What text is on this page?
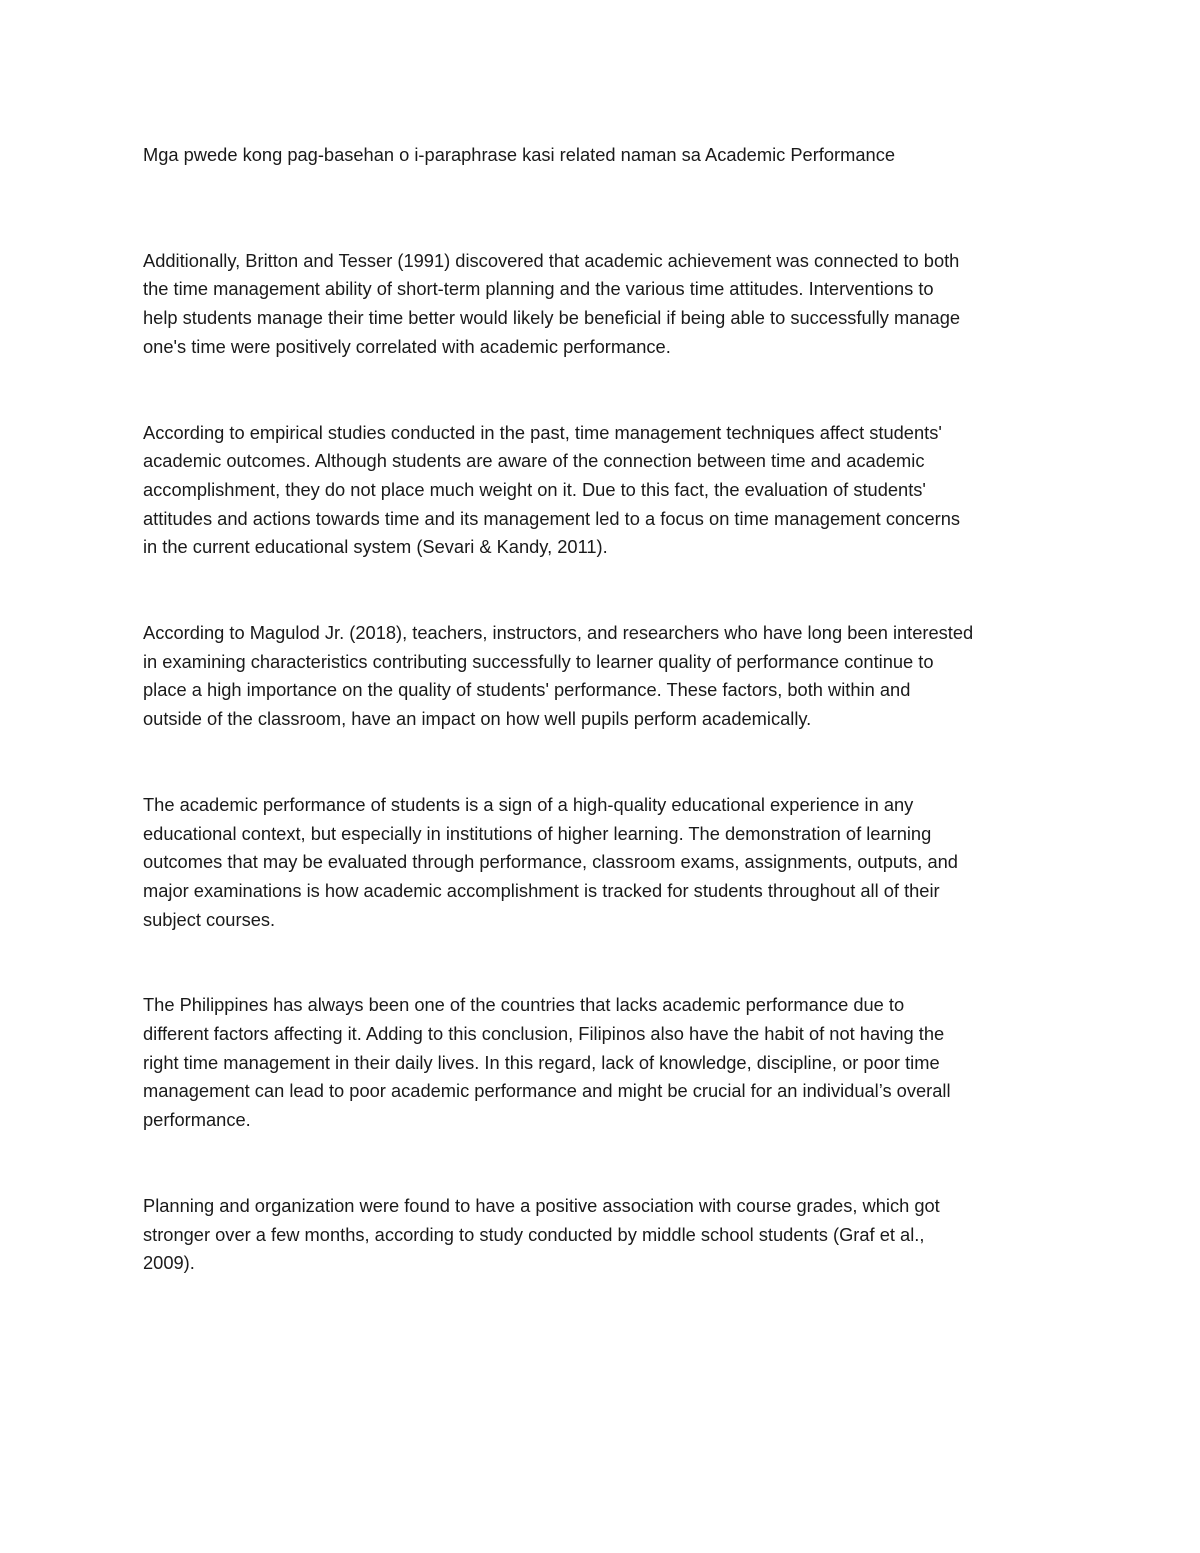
Mga pwede kong pag-basehan o i-paraphrase kasi related naman sa Academic Performance

Additionally, Britton and Tesser (1991) discovered that academic achievement was connected to both
the time management ability of short-term planning and the various time attitudes. Interventions to
help students manage their time better would likely be beneficial if being able to successfully manage
one's time were positively correlated with academic performance.

According to empirical studies conducted in the past, time management techniques affect students'
academic outcomes. Although students are aware of the connection between time and academic
accomplishment, they do not place much weight on it. Due to this fact, the evaluation of students'
attitudes and actions towards time and its management led to a focus on time management concerns
in the current educational system (Sevari & Kandy, 2011).

According to Magulod Jr. (2018), teachers, instructors, and researchers who have long been interested
in examining characteristics contributing successfully to learner quality of performance continue to
place a high importance on the quality of students' performance. These factors, both within and
outside of the classroom, have an impact on how well pupils perform academically.

The academic performance of students is a sign of a high-quality educational experience in any
educational context, but especially in institutions of higher learning. The demonstration of learning
outcomes that may be evaluated through performance, classroom exams, assignments, outputs, and
major examinations is how academic accomplishment is tracked for students throughout all of their
subject courses.

The Philippines has always been one of the countries that lacks academic performance due to
different factors affecting it. Adding to this conclusion, Filipinos also have the habit of not having the
right time management in their daily lives. In this regard, lack of knowledge, discipline, or poor time
management can lead to poor academic performance and might be crucial for an individual’s overall
performance.

Planning and organization were found to have a positive association with course grades, which got
stronger over a few months, according to study conducted by middle school students (Graf et al.,
2009).
